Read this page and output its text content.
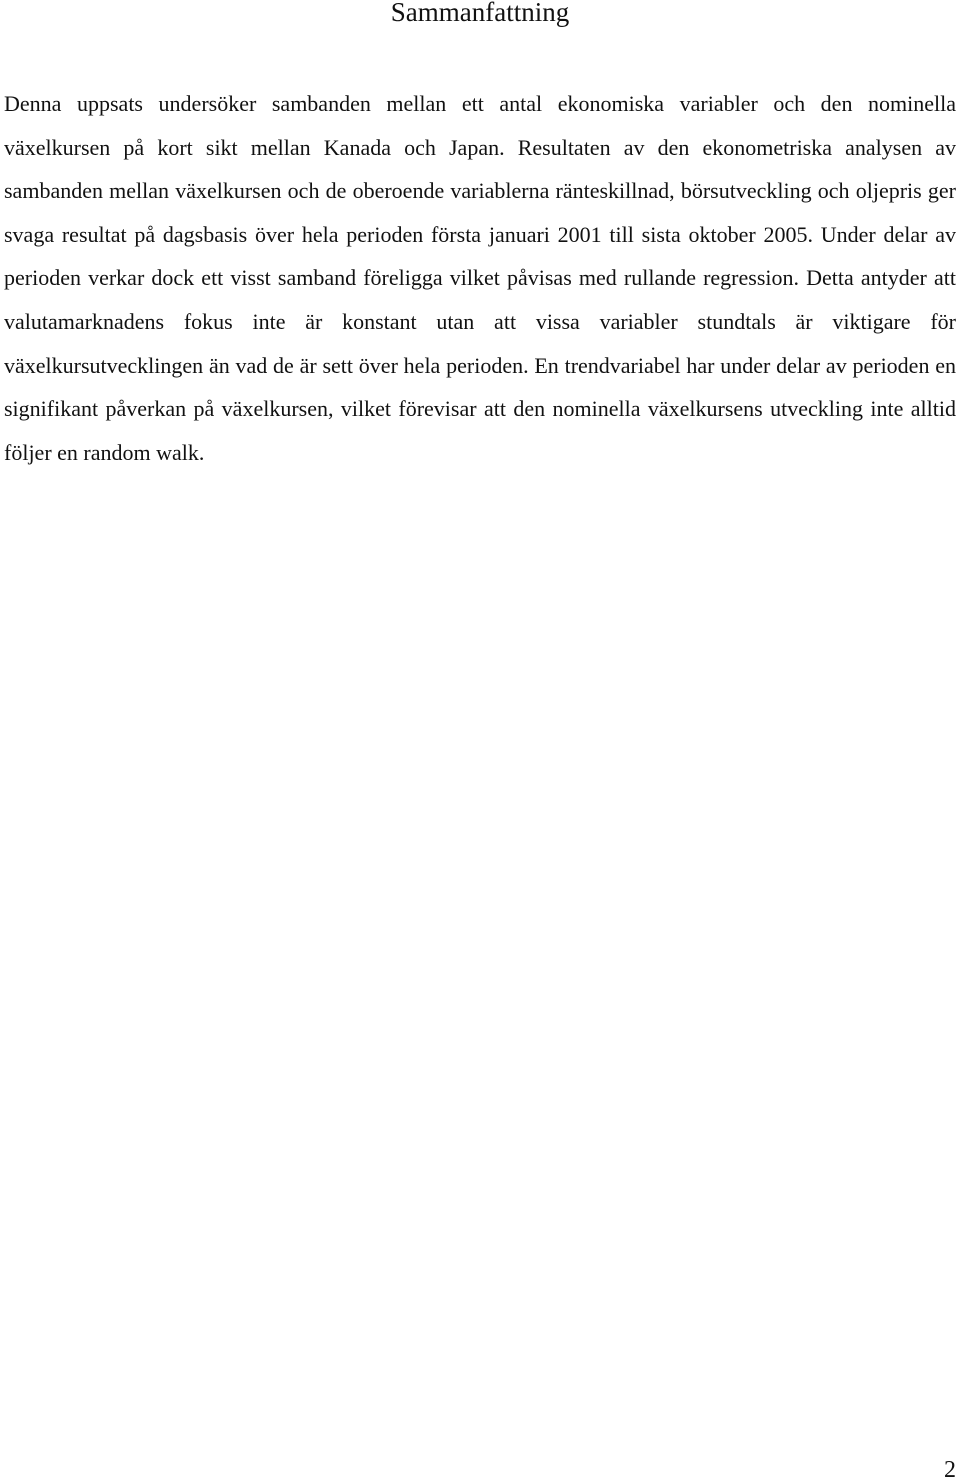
Sammanfattning

Denna uppsats undersöker sambanden mellan ett antal ekonomiska variabler och den nominella växelkursen på kort sikt mellan Kanada och Japan. Resultaten av den ekonometriska analysen av sambanden mellan växelkursen och de oberoende variablerna ränteskillnad, börsutveckling och oljepris ger svaga resultat på dagsbasis över hela perioden första januari 2001 till sista oktober 2005. Under delar av perioden verkar dock ett visst samband föreligga vilket påvisas med rullande regression. Detta antyder att valutamarknadens fokus inte är konstant utan att vissa variabler stundtals är viktigare för växelkursutvecklingen än vad de är sett över hela perioden. En trendvariabel har under delar av perioden en signifikant påverkan på växelkursen, vilket förevisar att den nominella växelkursens utveckling inte alltid följer en random walk.

2
